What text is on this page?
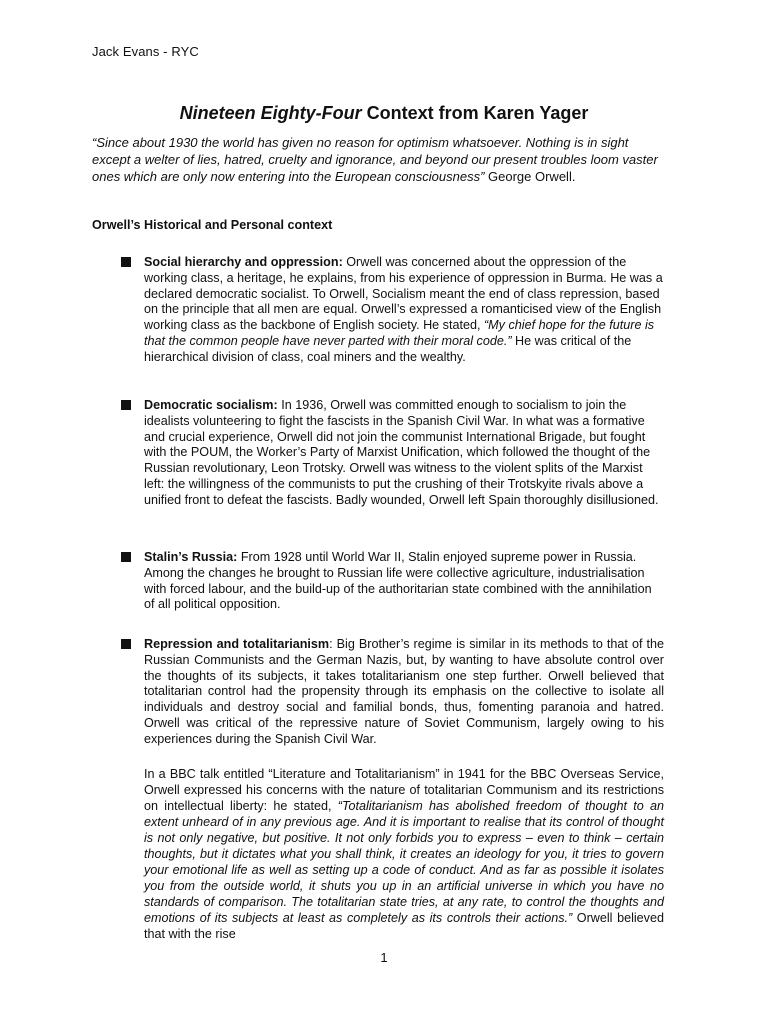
Jack Evans - RYC
Nineteen Eighty-Four Context from Karen Yager
“Since about 1930 the world has given no reason for optimism whatsoever. Nothing is in sight except a welter of lies, hatred, cruelty and ignorance, and beyond our present troubles loom vaster ones which are only now entering into the European consciousness” George Orwell.
Orwell’s Historical and Personal context
Social hierarchy and oppression: Orwell was concerned about the oppression of the working class, a heritage, he explains, from his experience of oppression in Burma. He was a declared democratic socialist. To Orwell, Socialism meant the end of class repression, based on the principle that all men are equal. Orwell’s expressed a romanticised view of the English working class as the backbone of English society. He stated, “My chief hope for the future is that the common people have never parted with their moral code.” He was critical of the hierarchical division of class, coal miners and the wealthy.
Democratic socialism: In 1936, Orwell was committed enough to socialism to join the idealists volunteering to fight the fascists in the Spanish Civil War. In what was a formative and crucial experience, Orwell did not join the communist International Brigade, but fought with the POUM, the Worker’s Party of Marxist Unification, which followed the thought of the Russian revolutionary, Leon Trotsky. Orwell was witness to the violent splits of the Marxist left: the willingness of the communists to put the crushing of their Trotskyite rivals above a unified front to defeat the fascists. Badly wounded, Orwell left Spain thoroughly disillusioned.
Stalin’s Russia: From 1928 until World War II, Stalin enjoyed supreme power in Russia. Among the changes he brought to Russian life were collective agriculture, industrialisation with forced labour, and the build-up of the authoritarian state combined with the annihilation of all political opposition.
Repression and totalitarianism: Big Brother’s regime is similar in its methods to that of the Russian Communists and the German Nazis, but, by wanting to have absolute control over the thoughts of its subjects, it takes totalitarianism one step further. Orwell believed that totalitarian control had the propensity through its emphasis on the collective to isolate all individuals and destroy social and familial bonds, thus, fomenting paranoia and hatred. Orwell was critical of the repressive nature of Soviet Communism, largely owing to his experiences during the Spanish Civil War.
In a BBC talk entitled “Literature and Totalitarianism” in 1941 for the BBC Overseas Service, Orwell expressed his concerns with the nature of totalitarian Communism and its restrictions on intellectual liberty: he stated, “Totalitarianism has abolished freedom of thought to an extent unheard of in any previous age. And it is important to realise that its control of thought is not only negative, but positive. It not only forbids you to express – even to think – certain thoughts, but it dictates what you shall think, it creates an ideology for you, it tries to govern your emotional life as well as setting up a code of conduct. And as far as possible it isolates you from the outside world, it shuts you up in an artificial universe in which you have no standards of comparison. The totalitarian state tries, at any rate, to control the thoughts and emotions of its subjects at least as completely as its controls their actions.” Orwell believed that with the rise
1
